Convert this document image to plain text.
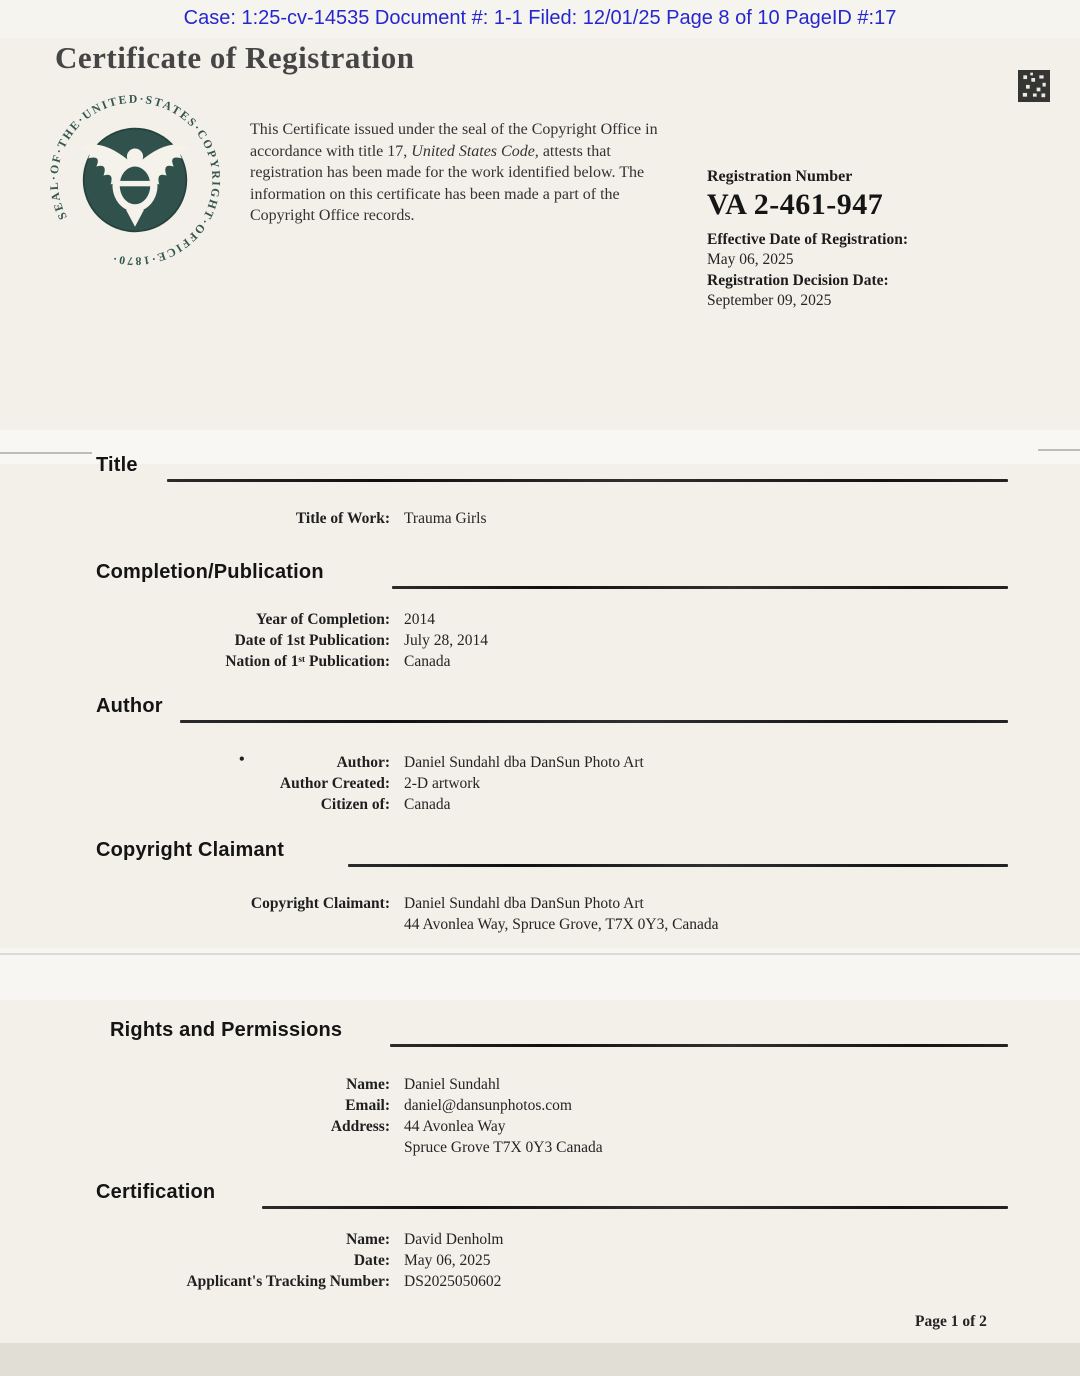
Case: 1:25-cv-14535 Document #: 1-1 Filed: 12/01/25 Page 8 of 10 PageID #:17
Certificate of Registration
SEAL·OF·THE·UNITED·STATES·COPYRIGHT·OFFICE·1870·

This Certificate issued under the seal of the Copyright Office in accordance with title 17, United States Code, attests that registration has been made for the work identified below. The information on this certificate has been made a part of the Copyright Office records.

Registration Number
VA 2-461-947
Effective Date of Registration:
May 06, 2025
Registration Decision Date:
September 09, 2025
Title
Title of Work: Trauma Girls
Completion/Publication
Year of Completion: 2014
Date of 1st Publication: July 28, 2014
Nation of 1ˢᵗ Publication: Canada
Author
•	Author: Daniel Sundahl dba DanSun Photo Art
Author Created: 2-D artwork
Citizen of: Canada
Copyright Claimant
Copyright Claimant: Daniel Sundahl dba DanSun Photo Art
44 Avonlea Way, Spruce Grove, T7X 0Y3, Canada
Rights and Permissions
Name: Daniel Sundahl
Email: daniel@dansunphotos.com
Address: 44 Avonlea Way
Spruce Grove T7X 0Y3 Canada
Certification
Name: David Denholm
Date: May 06, 2025
Applicant's Tracking Number: DS2025050602
Page 1 of 2
